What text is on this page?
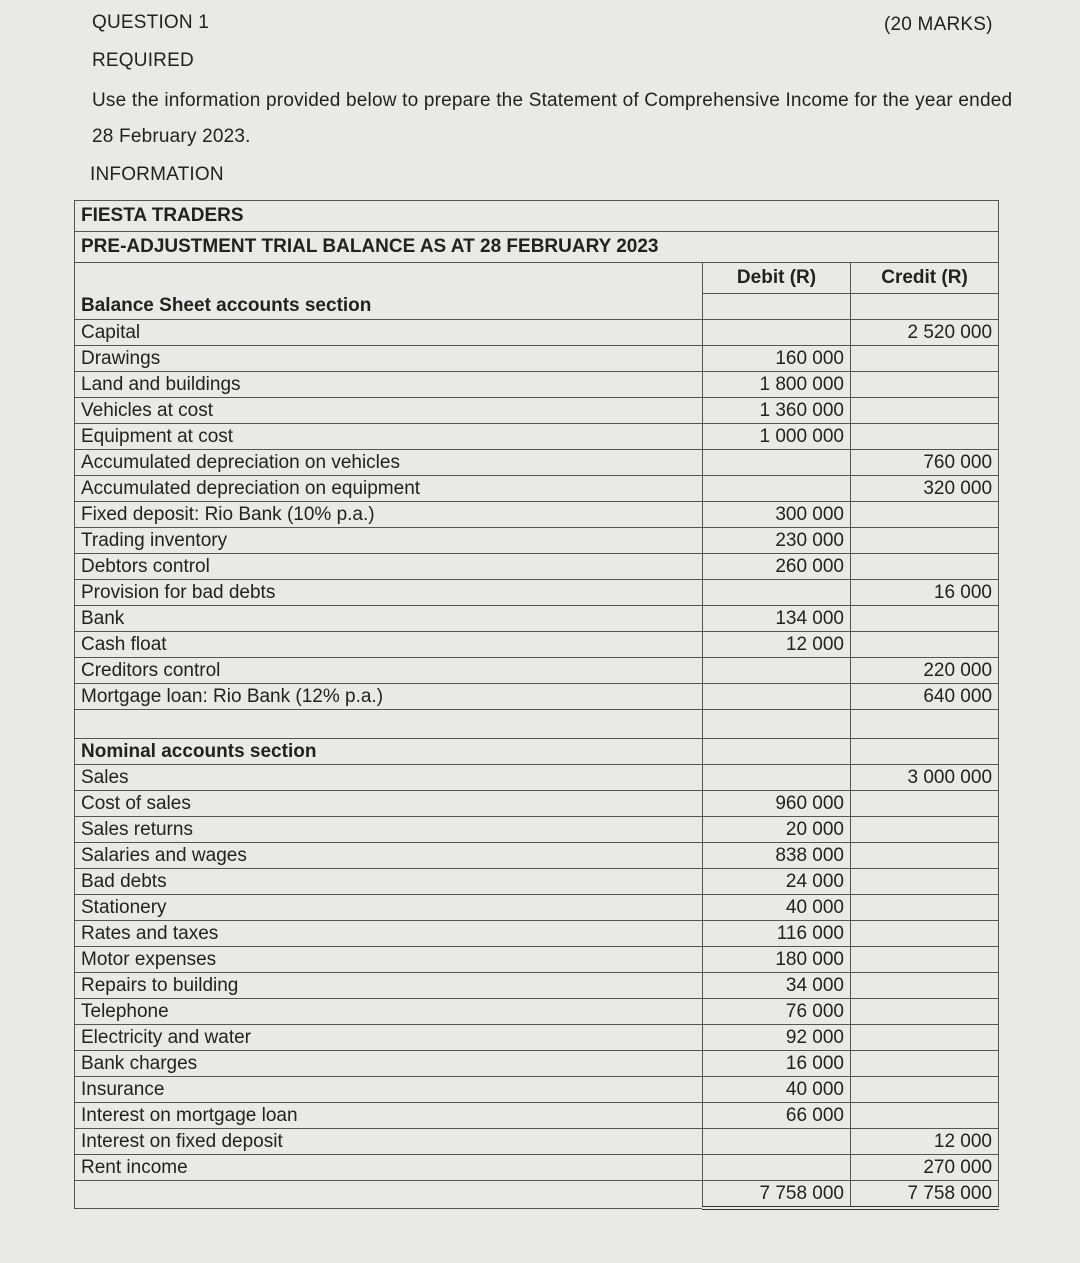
QUESTION 1	(20 MARKS)
REQUIRED
Use the information provided below to prepare the Statement of Comprehensive Income for the year ended
28 February 2023.
INFORMATION
FIESTA TRADERS		
PRE-ADJUSTMENT TRIAL BALANCE AS AT 28 FEBRUARY 2023		
	Debit (R)	Credit (R)
Balance Sheet accounts section		
Capital		2 520 000
Drawings	160 000	
Land and buildings	1 800 000	
Vehicles at cost	1 360 000	
Equipment at cost	1 000 000	
Accumulated depreciation on vehicles		760 000
Accumulated depreciation on equipment		320 000
Fixed deposit: Rio Bank (10% p.a.)	300 000	
Trading inventory	230 000	
Debtors control	260 000	
Provision for bad debts		16 000
Bank	134 000	
Cash float	12 000	
Creditors control		220 000
Mortgage loan: Rio Bank (12% p.a.)		640 000

Nominal accounts section		
Sales		3 000 000
Cost of sales	960 000	
Sales returns	20 000	
Salaries and wages	838 000	
Bad debts	24 000	
Stationery	40 000	
Rates and taxes	116 000	
Motor expenses	180 000	
Repairs to building	34 000	
Telephone	76 000	
Electricity and water	92 000	
Bank charges	16 000	
Insurance	40 000	
Interest on mortgage loan	66 000	
Interest on fixed deposit		12 000
Rent income		270 000
	7 758 000	7 758 000
